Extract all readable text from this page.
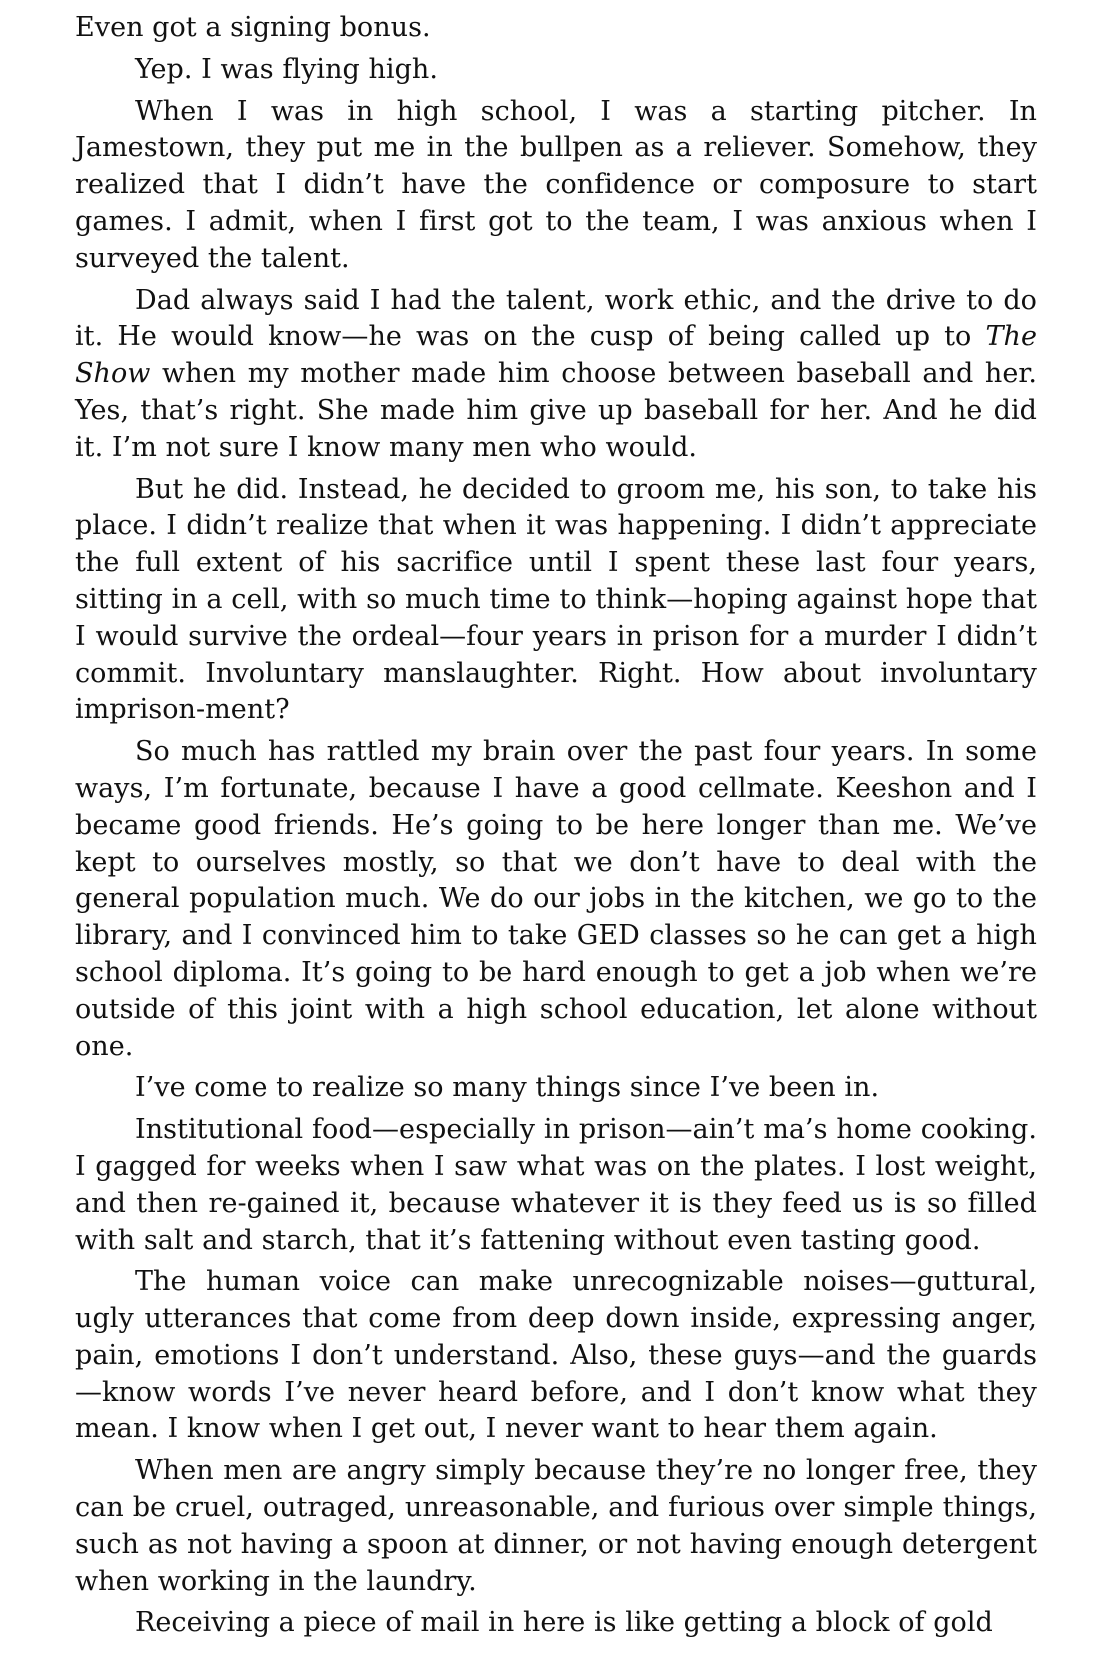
Even got a signing bonus.

Yep. I was flying high.

When I was in high school, I was a starting pitcher. In Jamestown, they put me in the bullpen as a reliever. Somehow, they realized that I didn’t have the confidence or composure to start games. I admit, when I first got to the team, I was anxious when I surveyed the talent.

Dad always said I had the talent, work ethic, and the drive to do it. He would know—he was on the cusp of being called up to The Show when my mother made him choose between baseball and her. Yes, that’s right. She made him give up baseball for her. And he did it. I’m not sure I know many men who would.

But he did. Instead, he decided to groom me, his son, to take his place. I didn’t realize that when it was happening. I didn’t appreciate the full extent of his sacrifice until I spent these last four years, sitting in a cell, with so much time to think—hoping against hope that I would survive the ordeal—four years in prison for a murder I didn’t commit. Involuntary manslaughter. Right. How about involuntary imprison-ment?

So much has rattled my brain over the past four years. In some ways, I’m fortunate, because I have a good cellmate. Keeshon and I became good friends. He’s going to be here longer than me. We’ve kept to ourselves mostly, so that we don’t have to deal with the general population much. We do our jobs in the kitchen, we go to the library, and I convinced him to take GED classes so he can get a high school diploma. It’s going to be hard enough to get a job when we’re outside of this joint with a high school education, let alone without one.

I’ve come to realize so many things since I’ve been in.

Institutional food—especially in prison—ain’t ma’s home cooking. I gagged for weeks when I saw what was on the plates. I lost weight, and then re-gained it, because whatever it is they feed us is so filled with salt and starch, that it’s fattening without even tasting good.

The human voice can make unrecognizable noises—guttural, ugly utterances that come from deep down inside, expressing anger, pain, emotions I don’t understand. Also, these guys—and the guards—know words I’ve never heard before, and I don’t know what they mean. I know when I get out, I never want to hear them again.

When men are angry simply because they’re no longer free, they can be cruel, outraged, unreasonable, and furious over simple things, such as not having a spoon at dinner, or not having enough detergent when working in the laundry.

Receiving a piece of mail in here is like getting a block of gold
